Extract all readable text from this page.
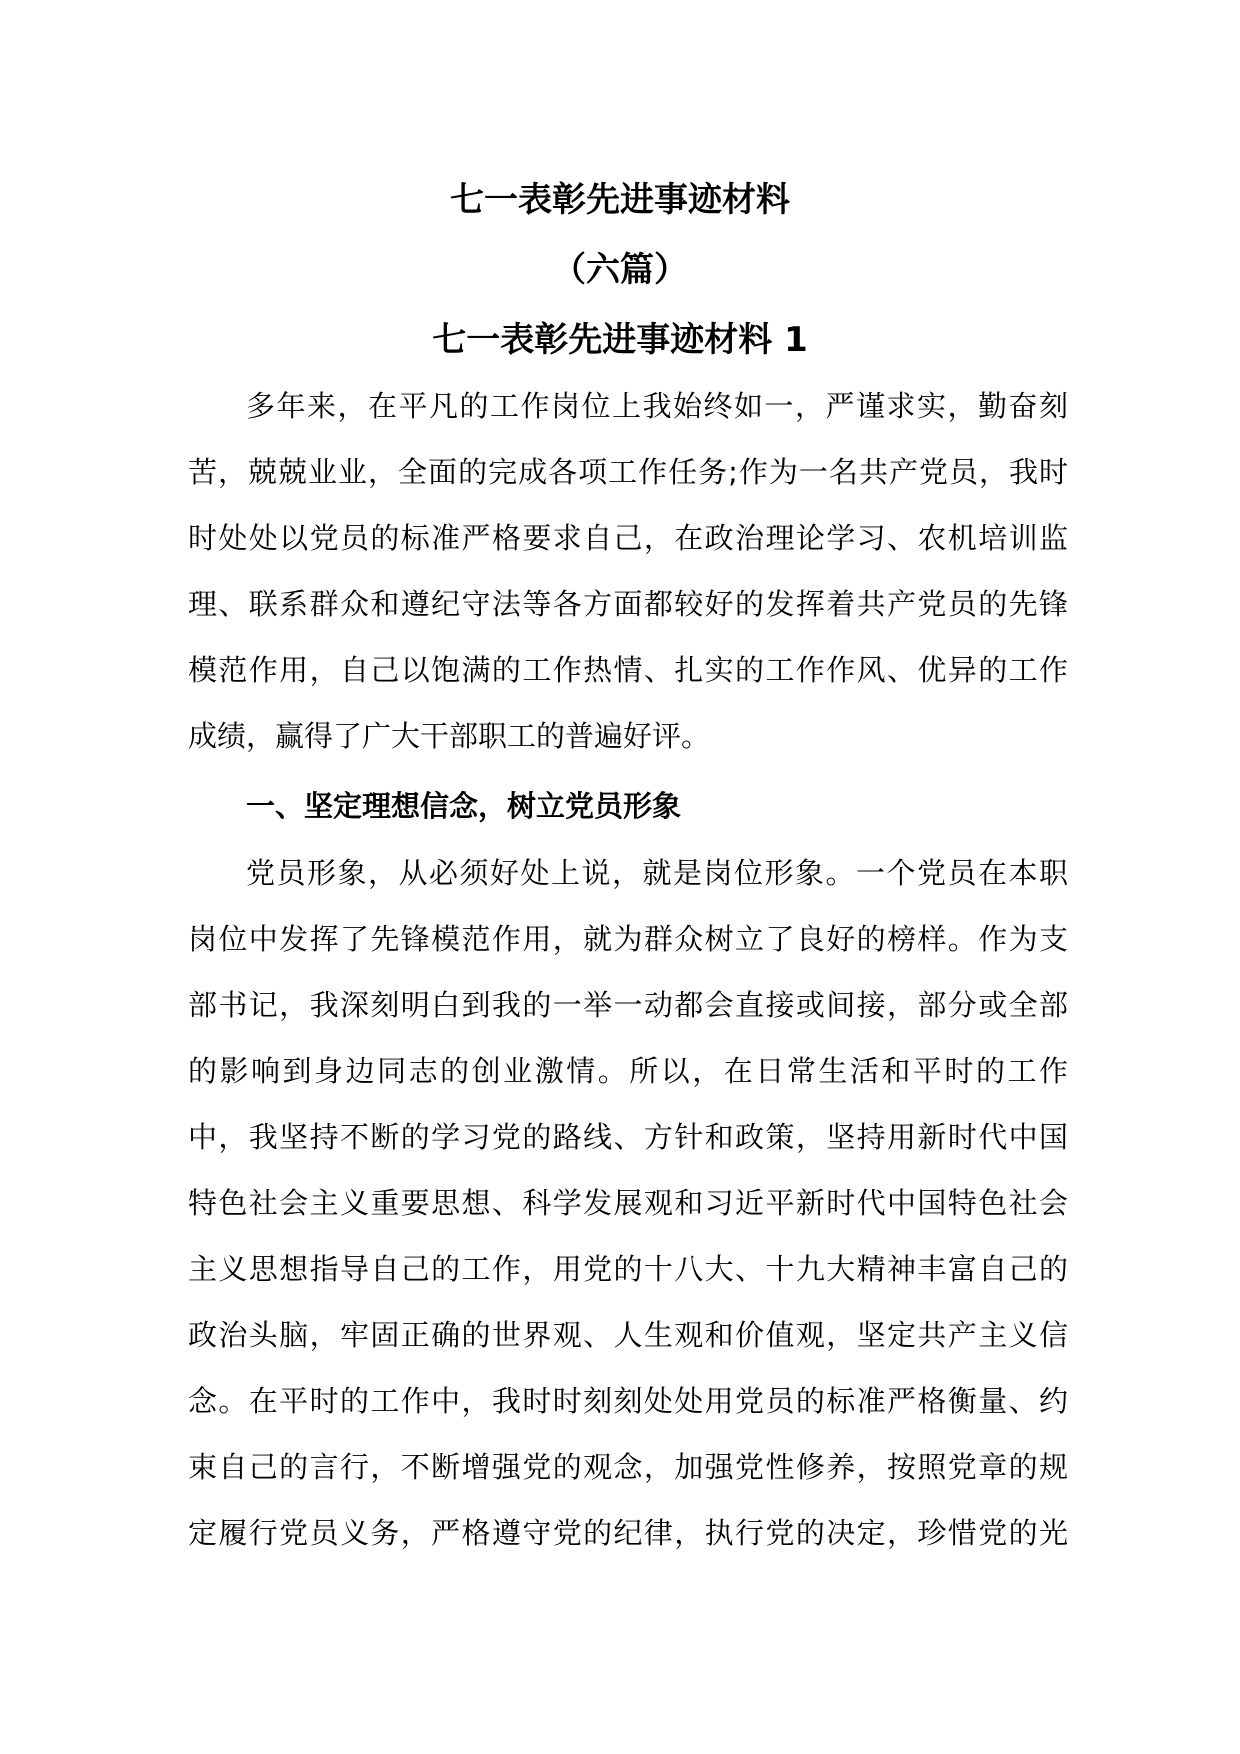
七一表彰先进事迹材料
（六篇）
七一表彰先进事迹材料 1
多年来，在平凡的工作岗位上我始终如一，严谨求实，勤奋刻
苦，兢兢业业，全面的完成各项工作任务;作为一名共产党员，我时
时处处以党员的标准严格要求自己，在政治理论学习、农机培训监
理、联系群众和遵纪守法等各方面都较好的发挥着共产党员的先锋
模范作用，自己以饱满的工作热情、扎实的工作作风、优异的工作
成绩，赢得了广大干部职工的普遍好评。
一、坚定理想信念，树立党员形象
党员形象，从必须好处上说，就是岗位形象。一个党员在本职
岗位中发挥了先锋模范作用，就为群众树立了良好的榜样。作为支
部书记，我深刻明白到我的一举一动都会直接或间接，部分或全部
的影响到身边同志的创业激情。所以，在日常生活和平时的工作
中，我坚持不断的学习党的路线、方针和政策，坚持用新时代中国
特色社会主义重要思想、科学发展观和习近平新时代中国特色社会
主义思想指导自己的工作，用党的十八大、十九大精神丰富自己的
政治头脑，牢固正确的世界观、人生观和价值观，坚定共产主义信
念。在平时的工作中，我时时刻刻处处用党员的标准严格衡量、约
束自己的言行，不断增强党的观念，加强党性修养，按照党章的规
定履行党员义务，严格遵守党的纪律，执行党的决定，珍惜党的光
